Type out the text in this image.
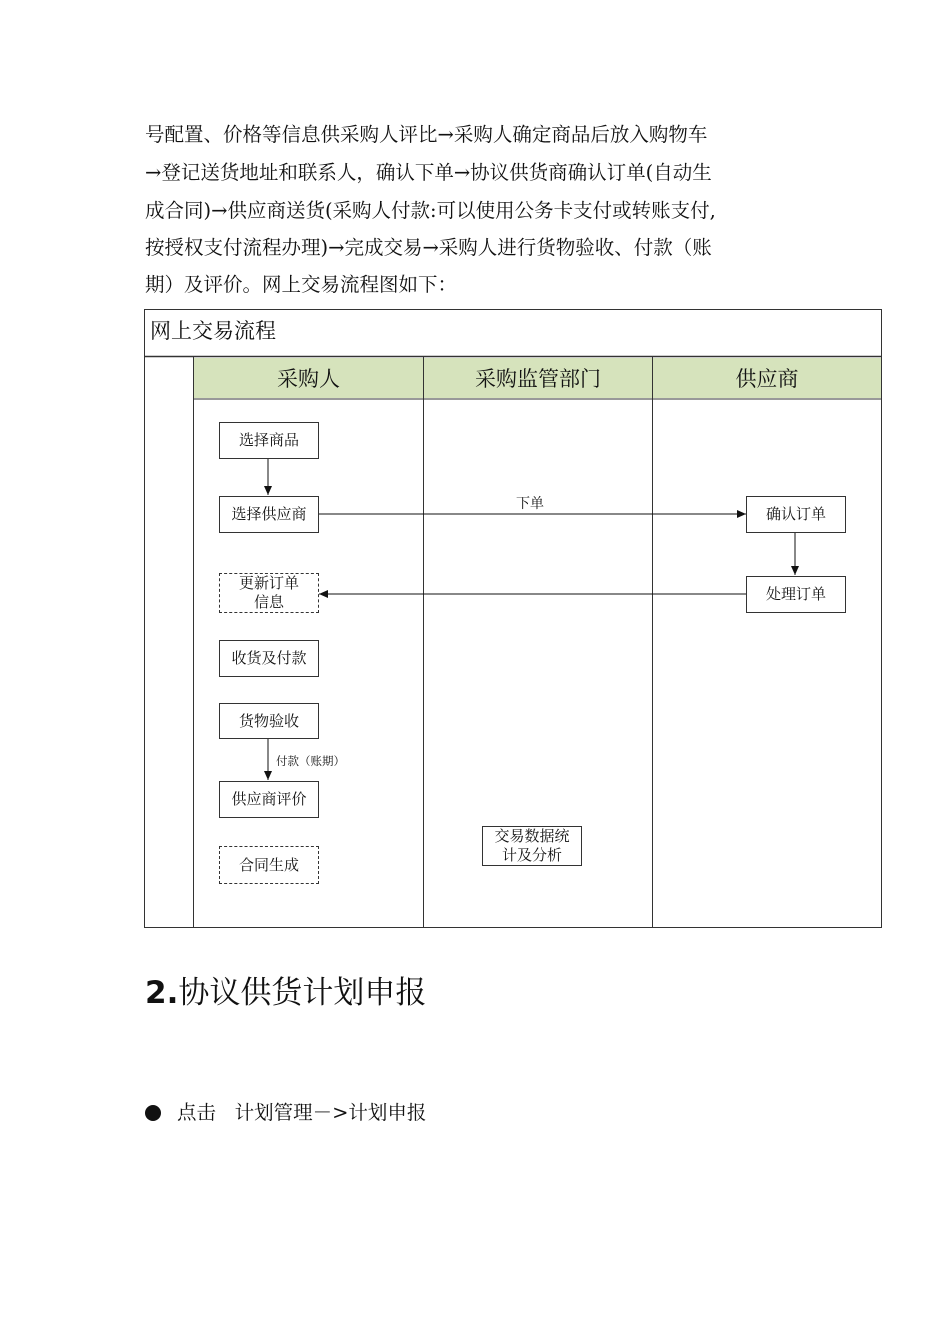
号配置、价格等信息供采购人评比→采购人确定商品后放入购物车
→登记送货地址和联系人，确认下单→协议供货商确认订单(自动生
成合同)→供应商送货(采购人付款:可以使用公务卡支付或转账支付,
按授权支付流程办理)→完成交易→采购人进行货物验收、付款（账
期）及评价。网上交易流程图如下：
网上交易流程
采购人	采购监管部门	供应商
选择商品
选择供应商
更新订单信息
收货及付款
货物验收
供应商评价
合同生成
交易数据统计及分析
确认订单
处理订单
下单
付款（账期）
2.协议供货计划申报
点击   计划管理－>计划申报
